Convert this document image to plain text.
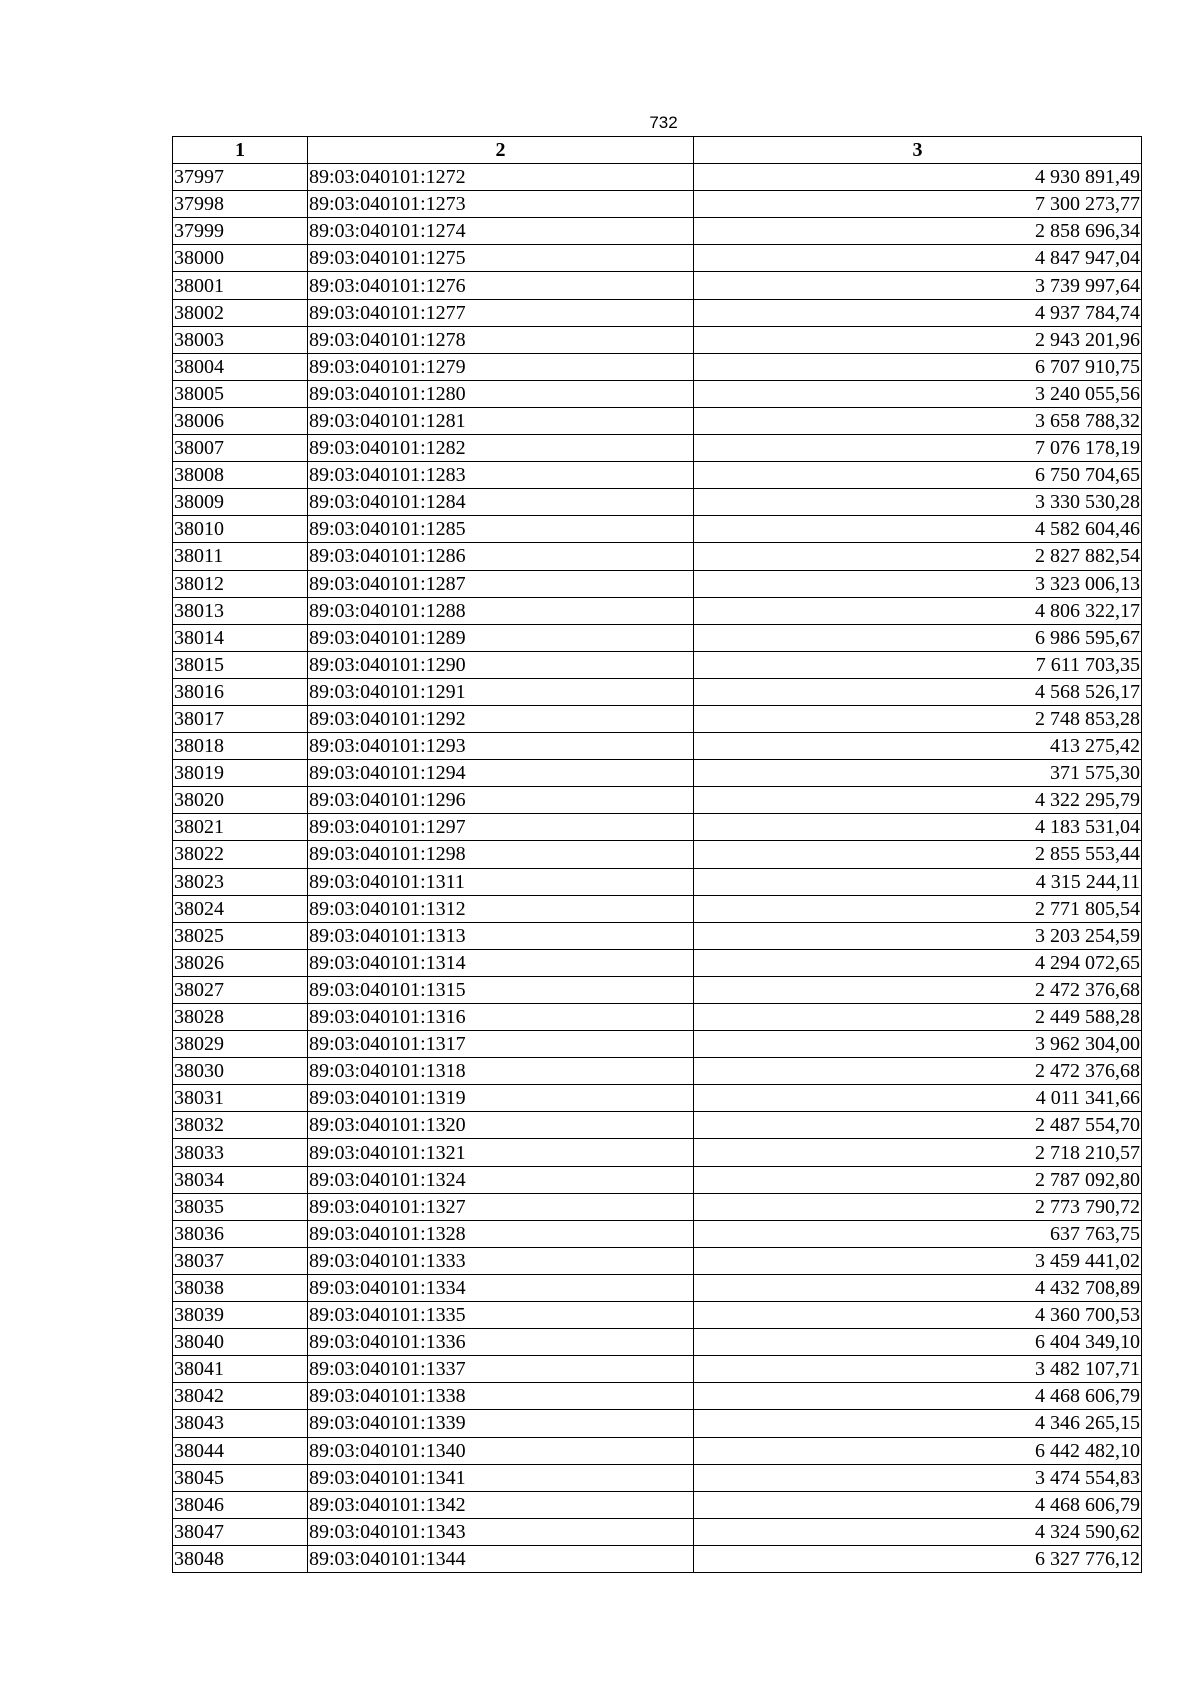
732
1	2	3
37997	89:03:040101:1272	4 930 891,49
37998	89:03:040101:1273	7 300 273,77
37999	89:03:040101:1274	2 858 696,34
38000	89:03:040101:1275	4 847 947,04
38001	89:03:040101:1276	3 739 997,64
38002	89:03:040101:1277	4 937 784,74
38003	89:03:040101:1278	2 943 201,96
38004	89:03:040101:1279	6 707 910,75
38005	89:03:040101:1280	3 240 055,56
38006	89:03:040101:1281	3 658 788,32
38007	89:03:040101:1282	7 076 178,19
38008	89:03:040101:1283	6 750 704,65
38009	89:03:040101:1284	3 330 530,28
38010	89:03:040101:1285	4 582 604,46
38011	89:03:040101:1286	2 827 882,54
38012	89:03:040101:1287	3 323 006,13
38013	89:03:040101:1288	4 806 322,17
38014	89:03:040101:1289	6 986 595,67
38015	89:03:040101:1290	7 611 703,35
38016	89:03:040101:1291	4 568 526,17
38017	89:03:040101:1292	2 748 853,28
38018	89:03:040101:1293	413 275,42
38019	89:03:040101:1294	371 575,30
38020	89:03:040101:1296	4 322 295,79
38021	89:03:040101:1297	4 183 531,04
38022	89:03:040101:1298	2 855 553,44
38023	89:03:040101:1311	4 315 244,11
38024	89:03:040101:1312	2 771 805,54
38025	89:03:040101:1313	3 203 254,59
38026	89:03:040101:1314	4 294 072,65
38027	89:03:040101:1315	2 472 376,68
38028	89:03:040101:1316	2 449 588,28
38029	89:03:040101:1317	3 962 304,00
38030	89:03:040101:1318	2 472 376,68
38031	89:03:040101:1319	4 011 341,66
38032	89:03:040101:1320	2 487 554,70
38033	89:03:040101:1321	2 718 210,57
38034	89:03:040101:1324	2 787 092,80
38035	89:03:040101:1327	2 773 790,72
38036	89:03:040101:1328	637 763,75
38037	89:03:040101:1333	3 459 441,02
38038	89:03:040101:1334	4 432 708,89
38039	89:03:040101:1335	4 360 700,53
38040	89:03:040101:1336	6 404 349,10
38041	89:03:040101:1337	3 482 107,71
38042	89:03:040101:1338	4 468 606,79
38043	89:03:040101:1339	4 346 265,15
38044	89:03:040101:1340	6 442 482,10
38045	89:03:040101:1341	3 474 554,83
38046	89:03:040101:1342	4 468 606,79
38047	89:03:040101:1343	4 324 590,62
38048	89:03:040101:1344	6 327 776,12
